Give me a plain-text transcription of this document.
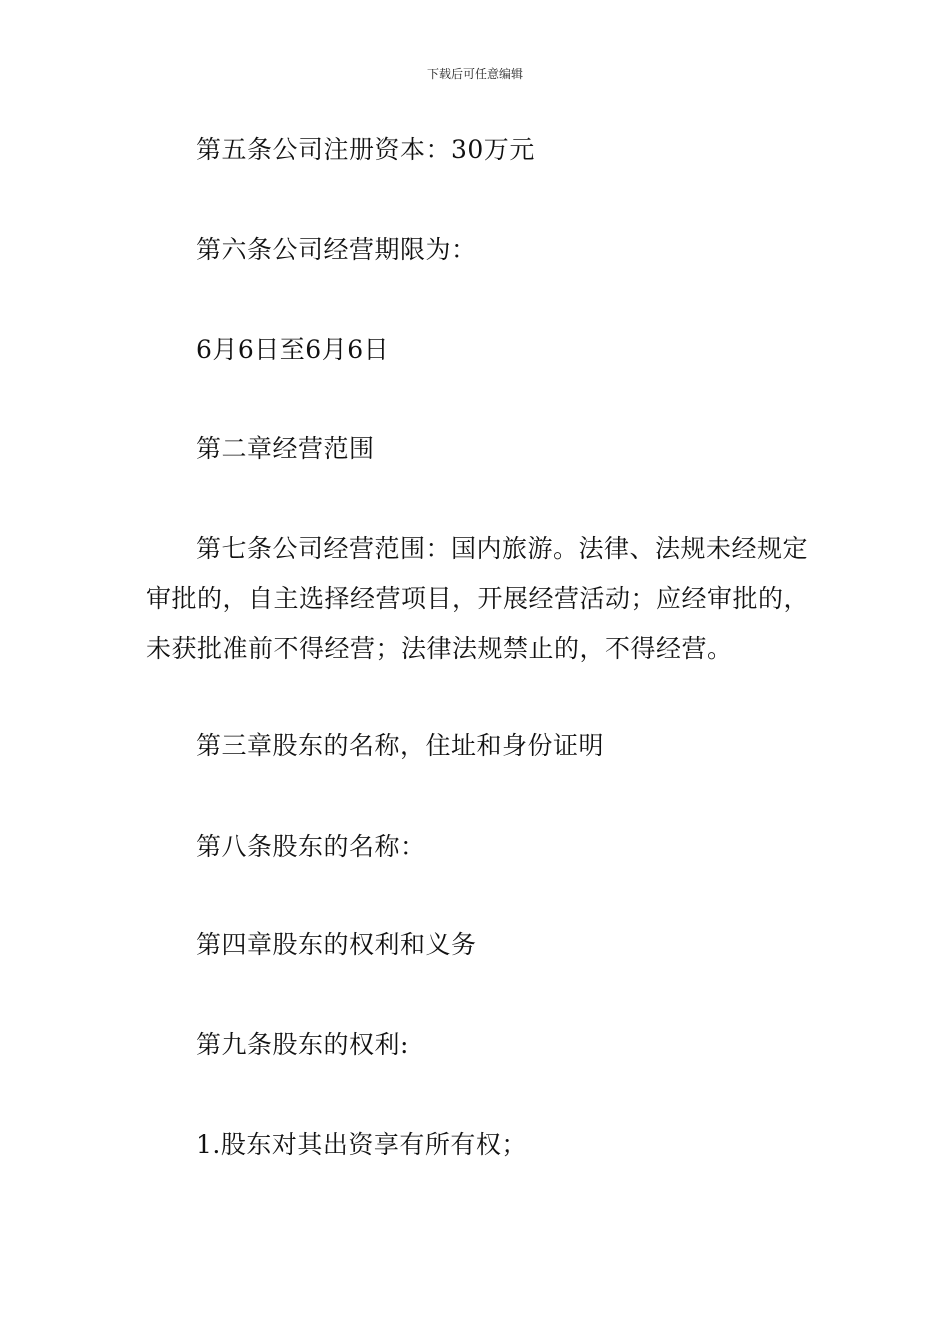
下载后可任意编辑
第五条公司注册资本：30万元
第六条公司经营期限为：
6月6日至6月6日
第二章经营范围
第七条公司经营范围：国内旅游。法律、法规未经规定审批的，自主选择经营项目，开展经营活动；应经审批的，未获批准前不得经营；法律法规禁止的，不得经营。
第三章股东的名称，住址和身份证明
第八条股东的名称：
第四章股东的权利和义务
第九条股东的权利:
1.股东对其出资享有所有权；
